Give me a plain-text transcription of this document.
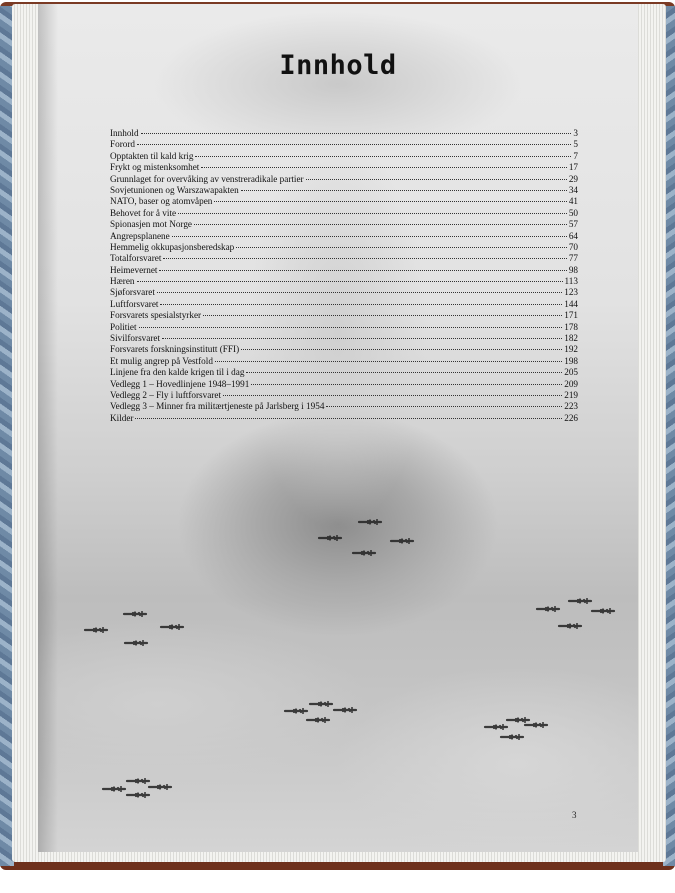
Innhold
Innhold	3
Forord	5
Opptakten til kald krig	7
Frykt og mistenksomhet	17
Grunnlaget for overvåking av venstreradikale partier	29
Sovjetunionen og Warszawapakten	34
NATO, baser og atomvåpen	41
Behovet for å vite	50
Spionasjen mot Norge	57
Angrepsplanene	64
Hemmelig okkupasjonsberedskap	70
Totalforsvaret	77
Heimevernet	98
Hæren	113
Sjøforsvaret	123
Luftforsvaret	144
Forsvarets spesialstyrker	171
Politiet	178
Sivilforsvaret	182
Forsvarets forskningsinstitutt (FFI)	192
Et mulig angrep på Vestfold	198
Linjene fra den kalde krigen til i dag	205
Vedlegg 1 – Hovedlinjene 1948–1991	209
Vedlegg 2 – Fly i luftforsvaret	219
Vedlegg 3 – Minner fra militærtjeneste på Jarlsberg i 1954	223
Kilder	226
3
